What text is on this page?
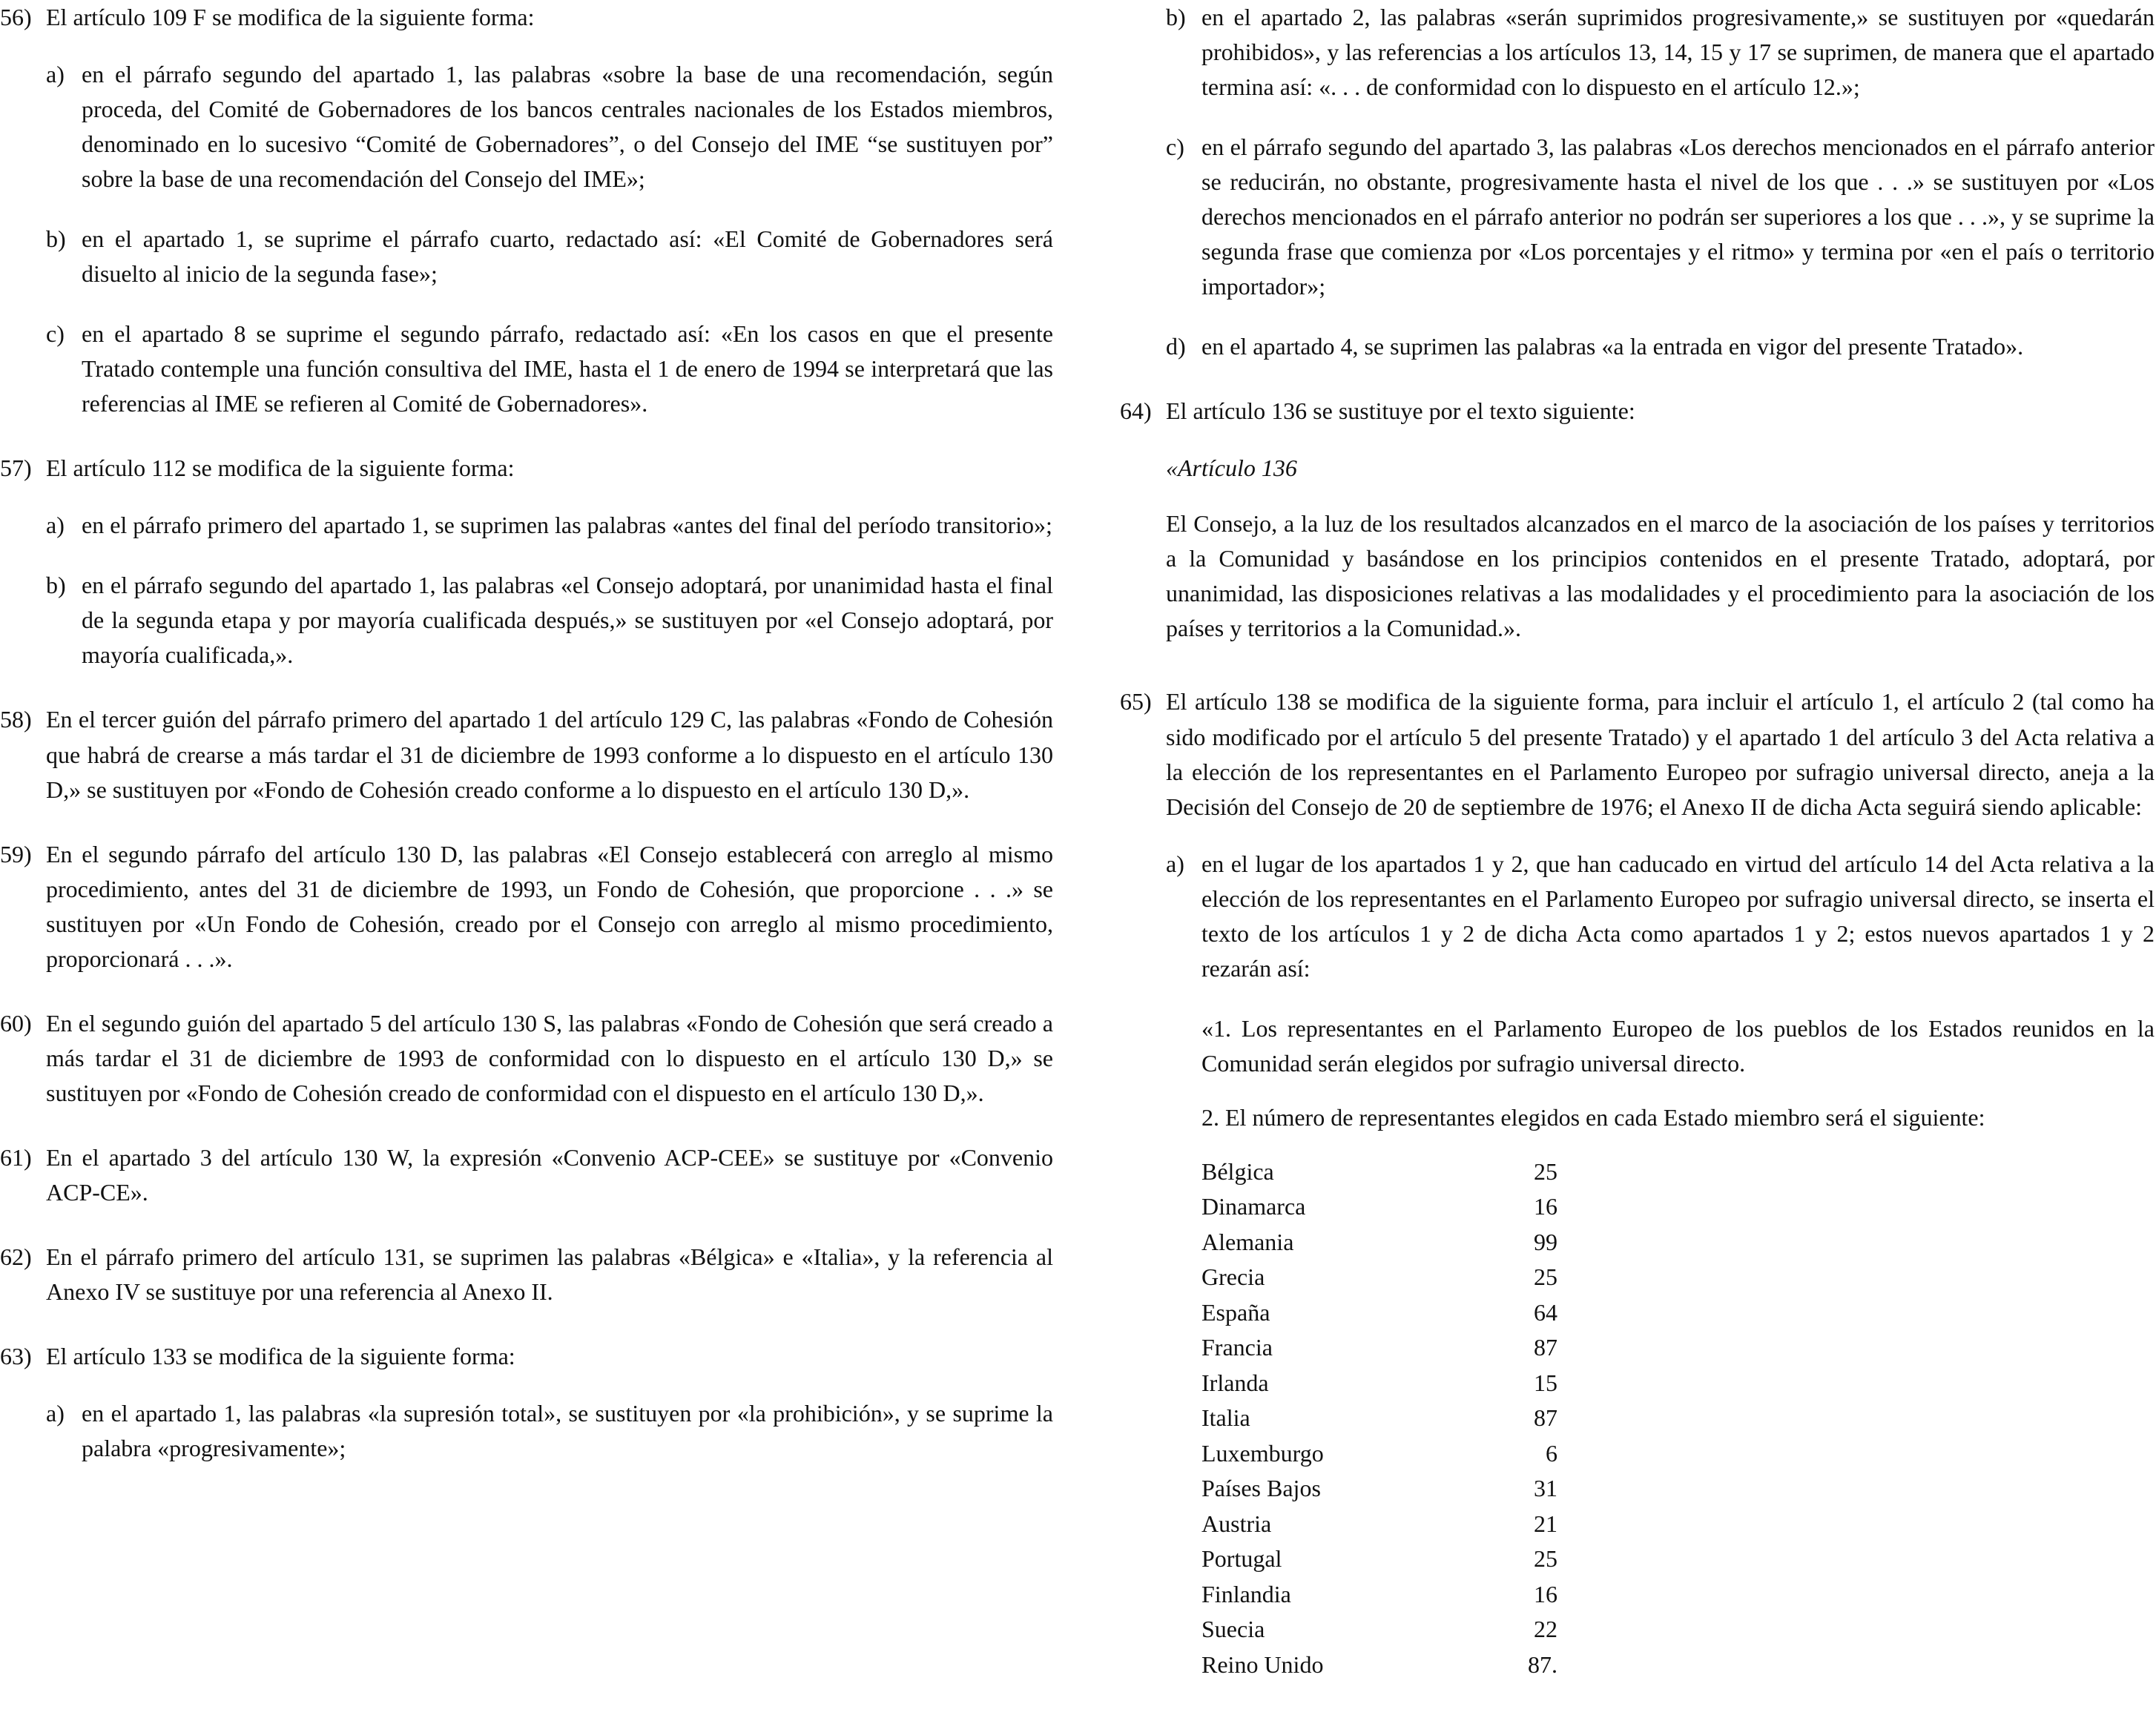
56) El artículo 109 F se modifica de la siguiente forma:

a) en el párrafo segundo del apartado 1, las palabras «sobre la base de una recomendación, según proceda, del Comité de Gobernadores de los bancos centrales nacionales de los Estados miembros, denominado en lo sucesivo “Comité de Gobernadores”, o del Consejo del IME “se sustituyen por” sobre la base de una recomendación del Consejo del IME»;
b) en el apartado 1, se suprime el párrafo cuarto, redactado así: «El Comité de Gobernadores será disuelto al inicio de la segunda fase»;
c) en el apartado 8 se suprime el segundo párrafo, redactado así: «En los casos en que el presente Tratado contemple una función consultiva del IME, hasta el 1 de enero de 1994 se interpretará que las referencias al IME se refieren al Comité de Gobernadores».
57) El artículo 112 se modifica de la siguiente forma:

a) en el párrafo primero del apartado 1, se suprimen las palabras «antes del final del período transitorio»;
b) en el párrafo segundo del apartado 1, las palabras «el Consejo adoptará, por unanimidad hasta el final de la segunda etapa y por mayoría cualificada después,» se sustituyen por «el Consejo adoptará, por mayoría cualificada,».
58) En el tercer guión del párrafo primero del apartado 1 del artículo 129 C, las palabras «Fondo de Cohesión que habrá de crearse a más tardar el 31 de diciembre de 1993 conforme a lo dispuesto en el artículo 130 D,» se sustituyen por «Fondo de Cohesión creado conforme a lo dispuesto en el artículo 130 D,».

59) En el segundo párrafo del artículo 130 D, las palabras «El Consejo establecerá con arreglo al mismo procedimiento, antes del 31 de diciembre de 1993, un Fondo de Cohesión, que proporcione . . .» se sustituyen por «Un Fondo de Cohesión, creado por el Consejo con arreglo al mismo procedimiento, proporcionará . . .».

60) En el segundo guión del apartado 5 del artículo 130 S, las palabras «Fondo de Cohesión que será creado a más tardar el 31 de diciembre de 1993 de conformidad con lo dispuesto en el artículo 130 D,» se sustituyen por «Fondo de Cohesión creado de conformidad con el dispuesto en el artículo 130 D,».

61) En el apartado 3 del artículo 130 W, la expresión «Convenio ACP-CEE» se sustituye por «Convenio ACP-CE».

62) En el párrafo primero del artículo 131, se suprimen las palabras «Bélgica» e «Italia», y la referencia al Anexo IV se sustituye por una referencia al Anexo II.

63) El artículo 133 se modifica de la siguiente forma:

a) en el apartado 1, las palabras «la supresión total», se sustituyen por «la prohibición», y se suprime la palabra «progresivamente»;
b) en el apartado 2, las palabras «serán suprimidos progresivamente,» se sustituyen por «quedarán prohibidos», y las referencias a los artículos 13, 14, 15 y 17 se suprimen, de manera que el apartado termina así: «. . . de conformidad con lo dispuesto en el artículo 12.»;
c) en el párrafo segundo del apartado 3, las palabras «Los derechos mencionados en el párrafo anterior se reducirán, no obstante, progresivamente hasta el nivel de los que . . .» se sustituyen por «Los derechos mencionados en el párrafo anterior no podrán ser superiores a los que . . .», y se suprime la segunda frase que comienza por «Los porcentajes y el ritmo» y termina por «en el país o territorio importador»;
d) en el apartado 4, se suprimen las palabras «a la entrada en vigor del presente Tratado».
64) El artículo 136 se sustituye por el texto siguiente:

«Artículo 136

El Consejo, a la luz de los resultados alcanzados en el marco de la asociación de los países y territorios a la Comunidad y basándose en los principios contenidos en el presente Tratado, adoptará, por unanimidad, las disposiciones relativas a las modalidades y el procedimiento para la asociación de los países y territorios a la Comunidad.».

65) El artículo 138 se modifica de la siguiente forma, para incluir el artículo 1, el artículo 2 (tal como ha sido modificado por el artículo 5 del presente Tratado) y el apartado 1 del artículo 3 del Acta relativa a la elección de los representantes en el Parlamento Europeo por sufragio universal directo, aneja a la Decisión del Consejo de 20 de septiembre de 1976; el Anexo II de dicha Acta seguirá siendo aplicable:

a) en el lugar de los apartados 1 y 2, que han caducado en virtud del artículo 14 del Acta relativa a la elección de los representantes en el Parlamento Europeo por sufragio universal directo, se inserta el texto de los artículos 1 y 2 de dicha Acta como apartados 1 y 2; estos nuevos apartados 1 y 2 rezarán así:

«1. Los representantes en el Parlamento Europeo de los pueblos de los Estados reunidos en la Comunidad serán elegidos por sufragio universal directo.

2. El número de representantes elegidos en cada Estado miembro será el siguiente:

Bélgica	25
Dinamarca	16
Alemania	99
Grecia	25
España	64
Francia	87
Irlanda	15
Italia	87
Luxemburgo	6
Países Bajos	31
Austria	21
Portugal	25
Finlandia	16
Suecia	22
Reino Unido	87.
